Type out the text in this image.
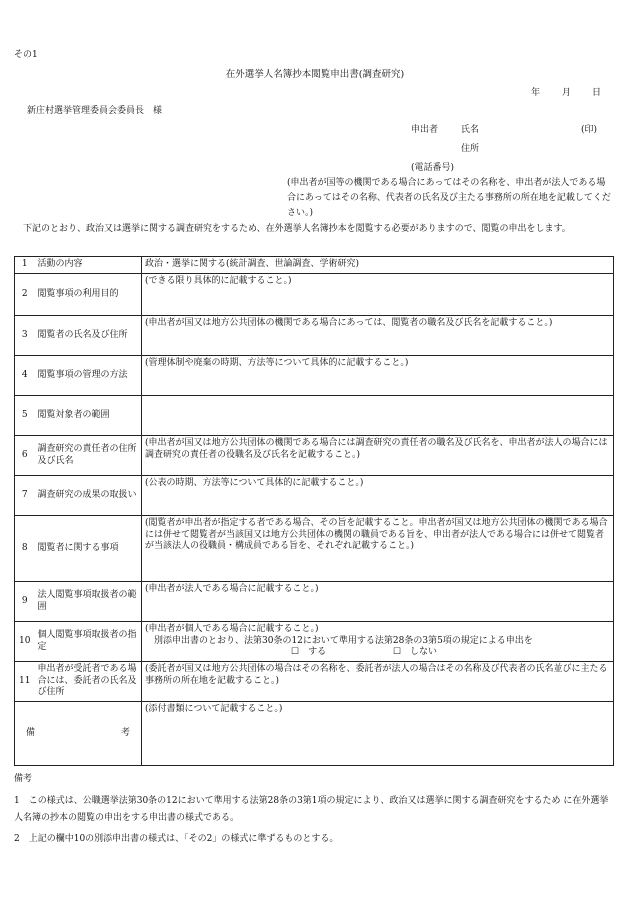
その1
在外選挙人名簿抄本閲覧申出書(調査研究)
年 月 日
新庄村選挙管理委員会委員長　様
申出者	氏名	(印)
住所
(電話番号)
(申出者が国等の機関である場合にあってはその名称を、申出者が法人である場合にあってはその名称、代表者の氏名及び主たる事務所の所在地を記載してください。)
下記のとおり、政治又は選挙に関する調査研究をするため、在外選挙人名簿抄本を閲覧する必要がありますので、閲覧の申出をします。
1	活動の内容	政治・選挙に関する(統計調査、世論調査、学術研究)
2	閲覧事項の利用目的	(できる限り具体的に記載すること。)
3	閲覧者の氏名及び住所	(申出者が国又は地方公共団体の機関である場合にあっては、閲覧者の職名及び氏名を記載すること。)
4	閲覧事項の管理の方法	(管理体制や廃棄の時期、方法等について具体的に記載すること。)
5	閲覧対象者の範囲	
6	調査研究の責任者の住所及び氏名	(申出者が国又は地方公共団体の機関である場合には調査研究の責任者の職名及び氏名を、申出者が法人の場合には調査研究の責任者の役職名及び氏名を記載すること。)
7	調査研究の成果の取扱い	(公表の時期、方法等について具体的に記載すること。)
8	閲覧者に関する事項	(閲覧者が申出者が指定する者である場合、その旨を記載すること。申出者が国又は地方公共団体の機関である場合には併せて閲覧者が当該国又は地方公共団体の機関の職員である旨を、申出者が法人である場合には併せて閲覧者が当該法人の役職員・構成員である旨を、それぞれ記載すること。)
9	法人閲覧事項取扱者の範囲	(申出者が法人である場合に記載すること。)
10	個人閲覧事項取扱者の指定	(申出者が個人である場合に記載すること。)
別添申出書のとおり、法第30条の12において準用する法第28条の3第5項の規定による申出を
☐　する ☐　しない

11	申出者が受託者である場合には、委託者の氏名及び住所	(委託者が国又は地方公共団体の場合はその名称を、委託者が法人の場合はその名称及び代表者の氏名並びに主たる事務所の所在地を記載すること。)

備 考		(添付書類について記載すること。)
備考
1　この様式は、公職選挙法第30条の12において準用する法第28条の3第1項の規定により、政治又は選挙に関する調査研究をするため に在外選挙人名簿の抄本の閲覧の申出をする申出書の様式である。
2　上記の欄中10の別添申出書の様式は、「その2」の様式に準ずるものとする。
